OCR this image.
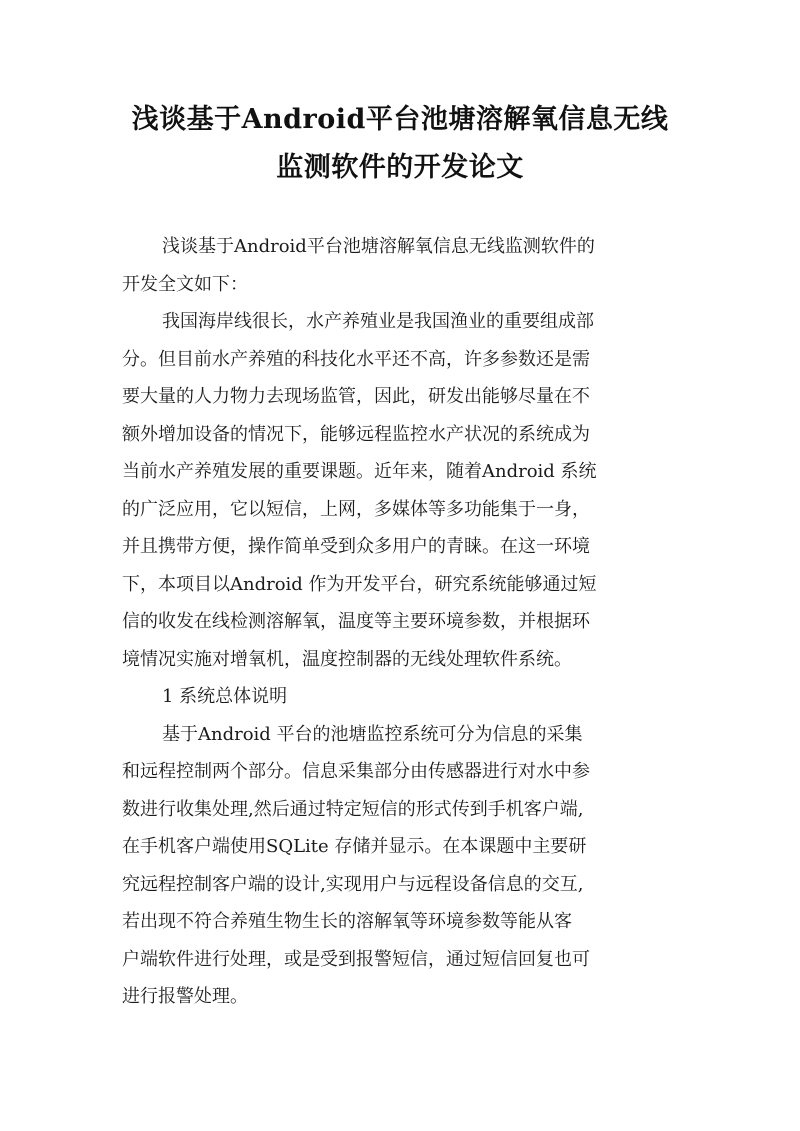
浅谈基于Android平台池塘溶解氧信息无线
监测软件的开发论文
浅谈基于Android平台池塘溶解氧信息无线监测软件的
开发全文如下：
我国海岸线很长，水产养殖业是我国渔业的重要组成部
分。但目前水产养殖的科技化水平还不高，许多参数还是需
要大量的人力物力去现场监管，因此，研发出能够尽量在不
额外增加设备的情况下，能够远程监控水产状况的系统成为
当前水产养殖发展的重要课题。近年来，随着Android 系统
的广泛应用，它以短信，上网，多媒体等多功能集于一身，
并且携带方便，操作简单受到众多用户的青睐。在这一环境
下，本项目以Android 作为开发平台，研究系统能够通过短
信的收发在线检测溶解氧，温度等主要环境参数，并根据环
境情况实施对增氧机，温度控制器的无线处理软件系统。
1 系统总体说明
基于Android 平台的池塘监控系统可分为信息的采集
和远程控制两个部分。信息采集部分由传感器进行对水中参
数进行收集处理,然后通过特定短信的形式传到手机客户端,
在手机客户端使用SQLite 存储并显示。在本课题中主要研
究远程控制客户端的设计,实现用户与远程设备信息的交互,
若出现不符合养殖生物生长的溶解氧等环境参数等能从客
户端软件进行处理，或是受到报警短信，通过短信回复也可
进行报警处理。
